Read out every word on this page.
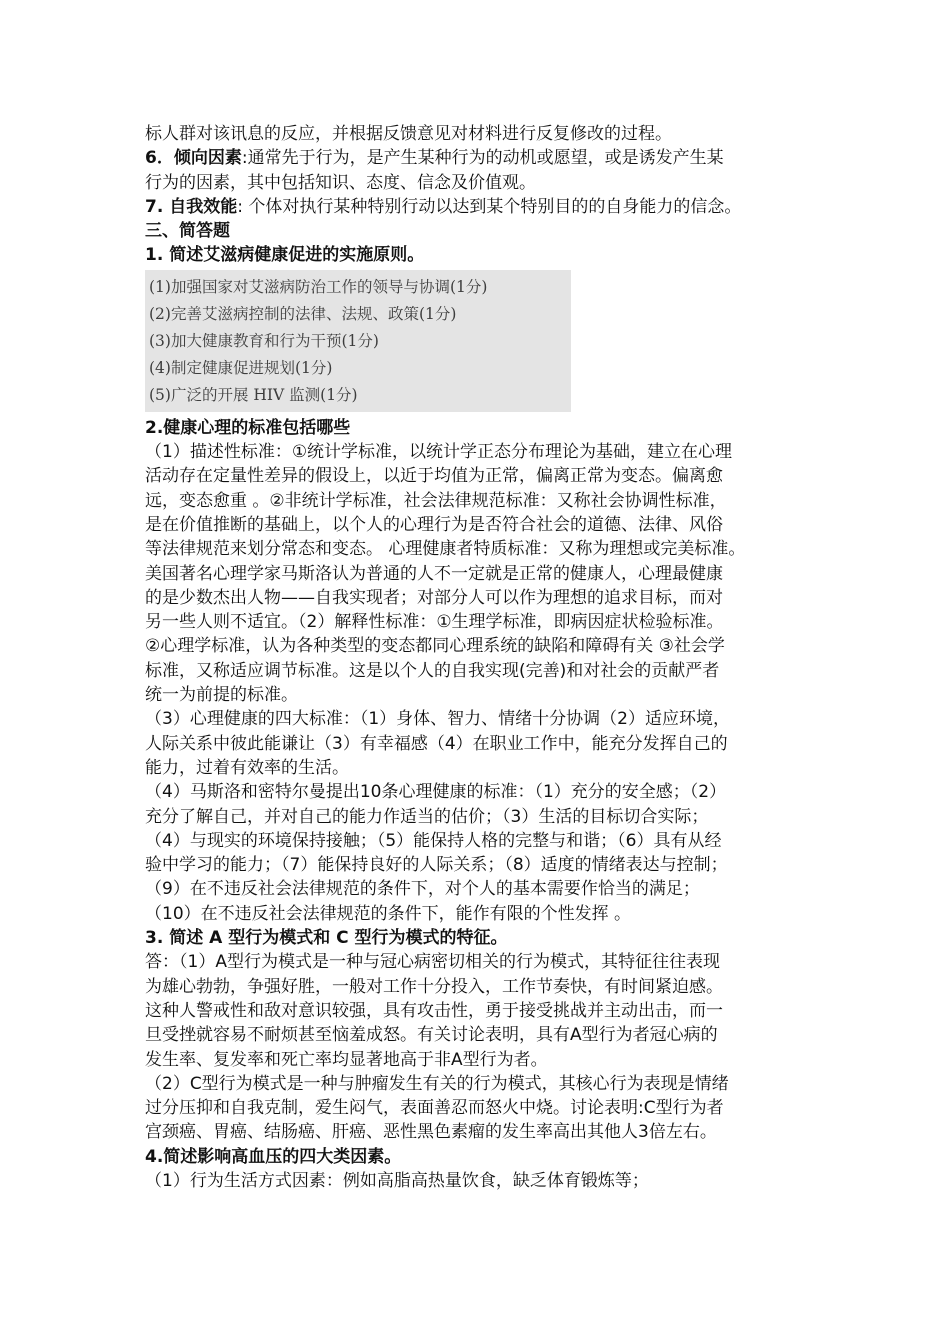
标人群对该讯息的反应，并根据反馈意见对材料进行反复修改的过程。

6．倾向因素:通常先于行为，是产生某种行为的动机或愿望，或是诱发产生某

行为的因素，其中包括知识、态度、信念及价值观。

7. 自我效能: 个体对执行某种特别行动以达到某个特别目的的自身能力的信念。

三、简答题

1. 简述艾滋病健康促进的实施原则。

(1)加强国家对艾滋病防治工作的领导与协调(1分)
(2)完善艾滋病控制的法律、法规、政策(1分)
(3)加大健康教育和行为干预(1分)
(4)制定健康促进规划(1分)
(5)广泛的开展 HIV 监测(1分)

2.健康心理的标准包括哪些

（1）描述性标准：①统计学标准，以统计学正态分布理论为基础，建立在心理

活动存在定量性差异的假设上，以近于均值为正常，偏离正常为变态。偏离愈

远，变态愈重 。②非统计学标准，社会法律规范标准：又称社会协调性标准，

是在价值推断的基础上，以个人的心理行为是否符合社会的道德、法律、风俗

等法律规范来划分常态和变态。 心理健康者特质标准：又称为理想或完美标准。

美国著名心理学家马斯洛认为普通的人不一定就是正常的健康人，心理最健康

的是少数杰出人物——自我实现者；对部分人可以作为理想的追求目标，而对

另一些人则不适宜。（2）解释性标准：①生理学标准，即病因症状检验标准。

②心理学标准，认为各种类型的变态都同心理系统的缺陷和障碍有关 ③社会学

标准，又称适应调节标准。这是以个人的自我实现(完善)和对社会的贡献严者

统一为前提的标准。

（3）心理健康的四大标准：（1）身体、智力、情绪十分协调（2）适应环境，

人际关系中彼此能谦让（3）有幸福感（4）在职业工作中，能充分发挥自己的

能力，过着有效率的生活。

（4）马斯洛和密特尔曼提出10条心理健康的标准：（1）充分的安全感；（2）

充分了解自己，并对自己的能力作适当的估价；（3）生活的目标切合实际；

（4）与现实的环境保持接触；（5）能保持人格的完整与和谐；（6）具有从经

验中学习的能力；（7）能保持良好的人际关系；（8）适度的情绪表达与控制；

（9）在不违反社会法律规范的条件下，对个人的基本需要作恰当的满足；

（10）在不违反社会法律规范的条件下，能作有限的个性发挥 。

3. 简述 A 型行为模式和 C 型行为模式的特征。

答：（1）A型行为模式是一种与冠心病密切相关的行为模式，其特征往往表现

为雄心勃勃，争强好胜，一般对工作十分投入，工作节奏快，有时间紧迫感。

这种人警戒性和敌对意识较强，具有攻击性，勇于接受挑战并主动出击，而一

旦受挫就容易不耐烦甚至恼羞成怒。有关讨论表明，具有A型行为者冠心病的

发生率、复发率和死亡率均显著地高于非A型行为者。

（2）C型行为模式是一种与肿瘤发生有关的行为模式，其核心行为表现是情绪

过分压抑和自我克制，爱生闷气，表面善忍而怒火中烧。讨论表明:C型行为者

宫颈癌、胃癌、结肠癌、肝癌、恶性黑色素瘤的发生率高出其他人3倍左右。

4.简述影响高血压的四大类因素。

（1）行为生活方式因素：例如高脂高热量饮食，缺乏体育锻炼等；
